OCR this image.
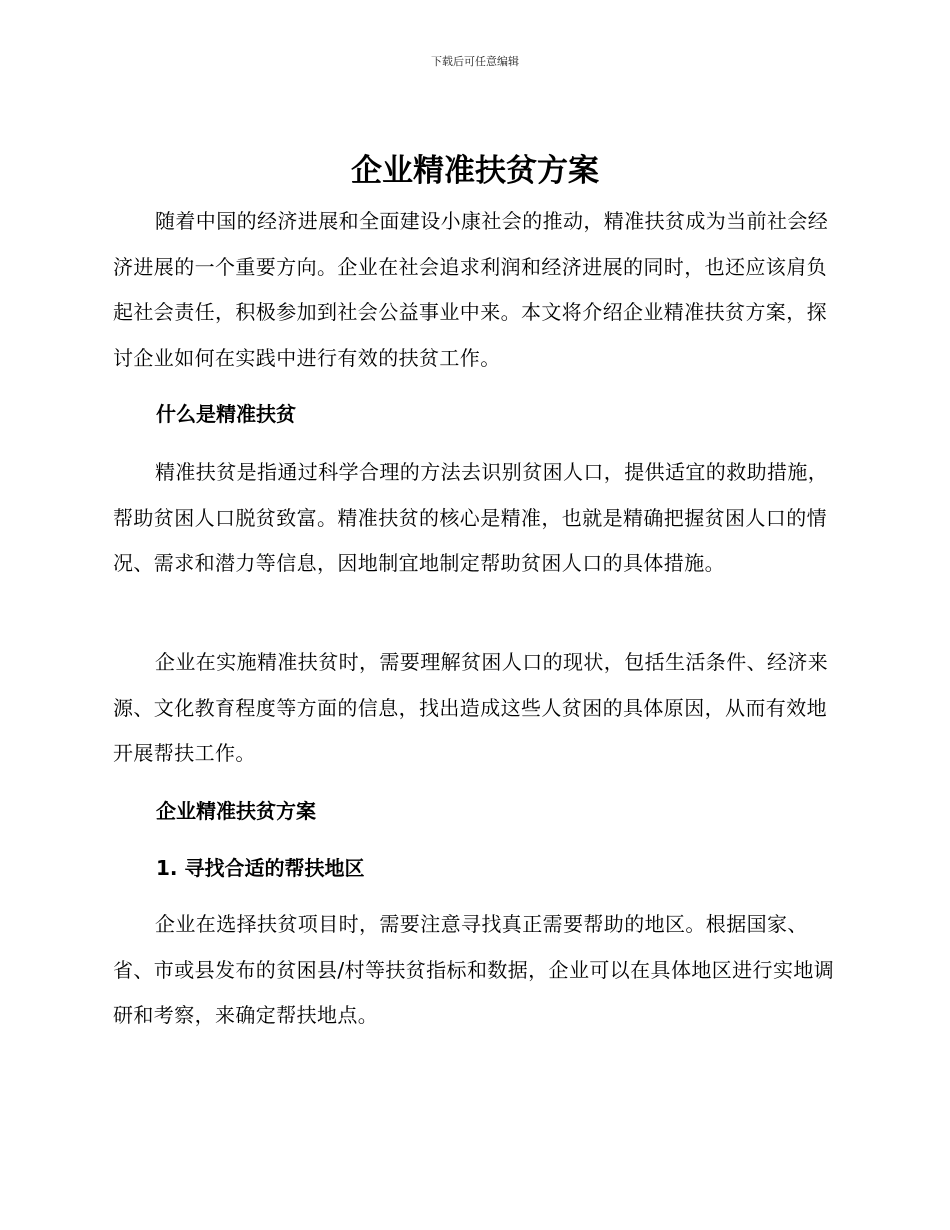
下载后可任意编辑
企业精准扶贫方案

随着中国的经济进展和全面建设小康社会的推动，精准扶贫成为当前社会经济进展的一个重要方向。企业在社会追求利润和经济进展的同时，也还应该肩负起社会责任，积极参加到社会公益事业中来。本文将介绍企业精准扶贫方案，探讨企业如何在实践中进行有效的扶贫工作。

什么是精准扶贫

精准扶贫是指通过科学合理的方法去识别贫困人口，提供适宜的救助措施，帮助贫困人口脱贫致富。精准扶贫的核心是精准，也就是精确把握贫困人口的情况、需求和潜力等信息，因地制宜地制定帮助贫困人口的具体措施。

企业在实施精准扶贫时，需要理解贫困人口的现状，包括生活条件、经济来源、文化教育程度等方面的信息，找出造成这些人贫困的具体原因，从而有效地开展帮扶工作。

企业精准扶贫方案
1. 寻找合适的帮扶地区

企业在选择扶贫项目时，需要注意寻找真正需要帮助的地区。根据国家、省、市或县发布的贫困县/村等扶贫指标和数据，企业可以在具体地区进行实地调研和考察，来确定帮扶地点。
